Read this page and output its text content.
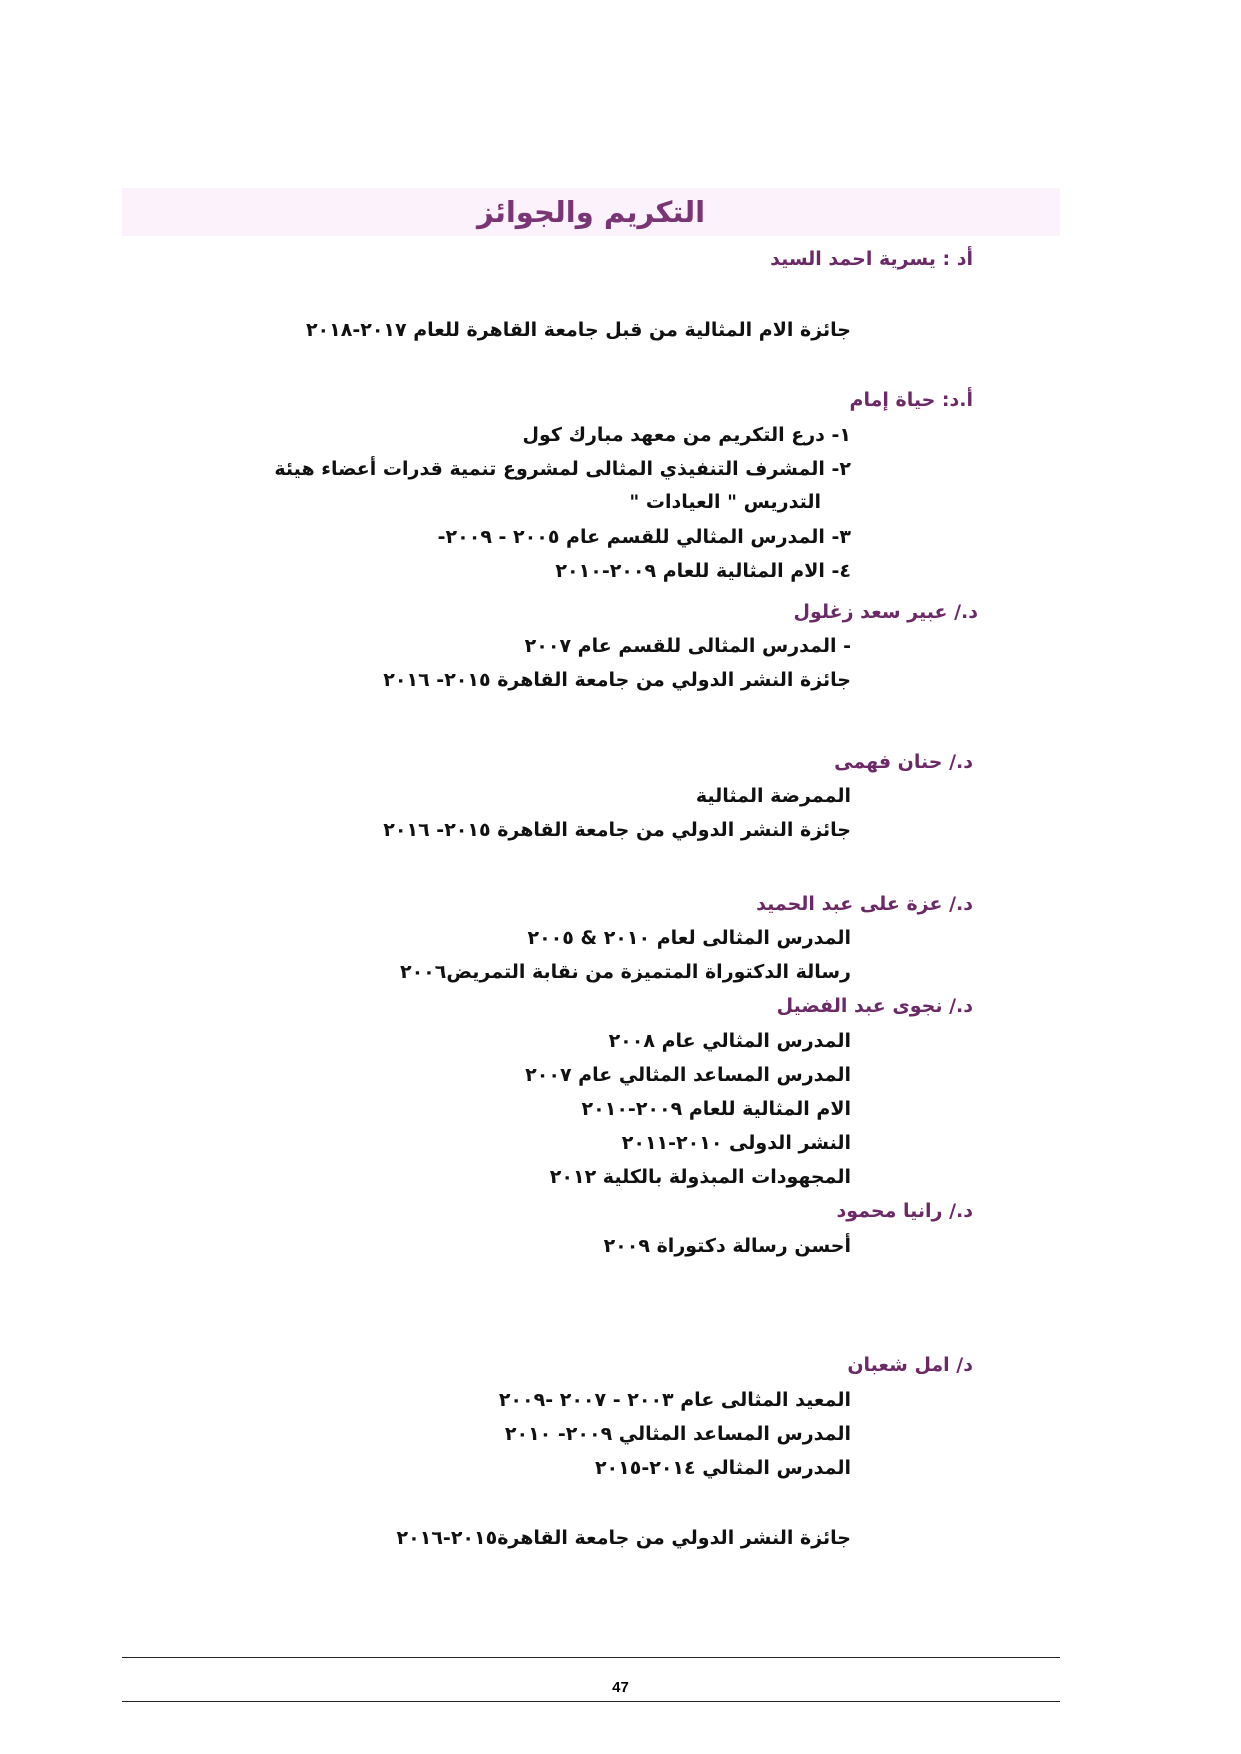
التكريم والجوائز
أد : يسرية احمد السيد
جائزة الام المثالية من قبل جامعة القاهرة للعام ٢٠١٧-٢٠١٨
أ.د: حياة إمام
١- درع التكريم من معهد مبارك كول
٢- المشرف التنفيذي المثالى لمشروع تنمية قدرات أعضاء هيئة
التدريس " العيادات "
٣- المدرس المثالي للقسم عام ٢٠٠٥ - ٢٠٠٩-
٤- الام المثالية للعام ٢٠٠٩-٢٠١٠
د./ عبير سعد زغلول
- المدرس المثالى للقسم عام ٢٠٠٧
جائزة النشر الدولي من جامعة القاهرة ٢٠١٥- ٢٠١٦
د./ حنان فهمى
الممرضة المثالية
جائزة النشر الدولي من جامعة القاهرة ٢٠١٥- ٢٠١٦
د./ عزة على عبد الحميد
المدرس المثالى لعام ٢٠١٠ & ٢٠٠٥
رسالة الدكتوراة المتميزة من نقابة التمريض٢٠٠٦
د./ نجوى عبد الفضيل
المدرس المثالي عام ٢٠٠٨
المدرس المساعد المثالي عام ٢٠٠٧
الام المثالية للعام ٢٠٠٩-٢٠١٠
النشر الدولى ٢٠١٠-٢٠١١
المجهودات المبذولة بالكلية ٢٠١٢
د./ رانيا محمود
أحسن رسالة دكتوراة ٢٠٠٩
د/ امل شعبان
المعيد المثالى عام ٢٠٠٣ - ٢٠٠٧ -٢٠٠٩
المدرس المساعد المثالي ٢٠٠٩- ٢٠١٠
المدرس المثالي ٢٠١٤-٢٠١٥
جائزة النشر الدولي من جامعة القاهرة٢٠١٥-٢٠١٦
47
